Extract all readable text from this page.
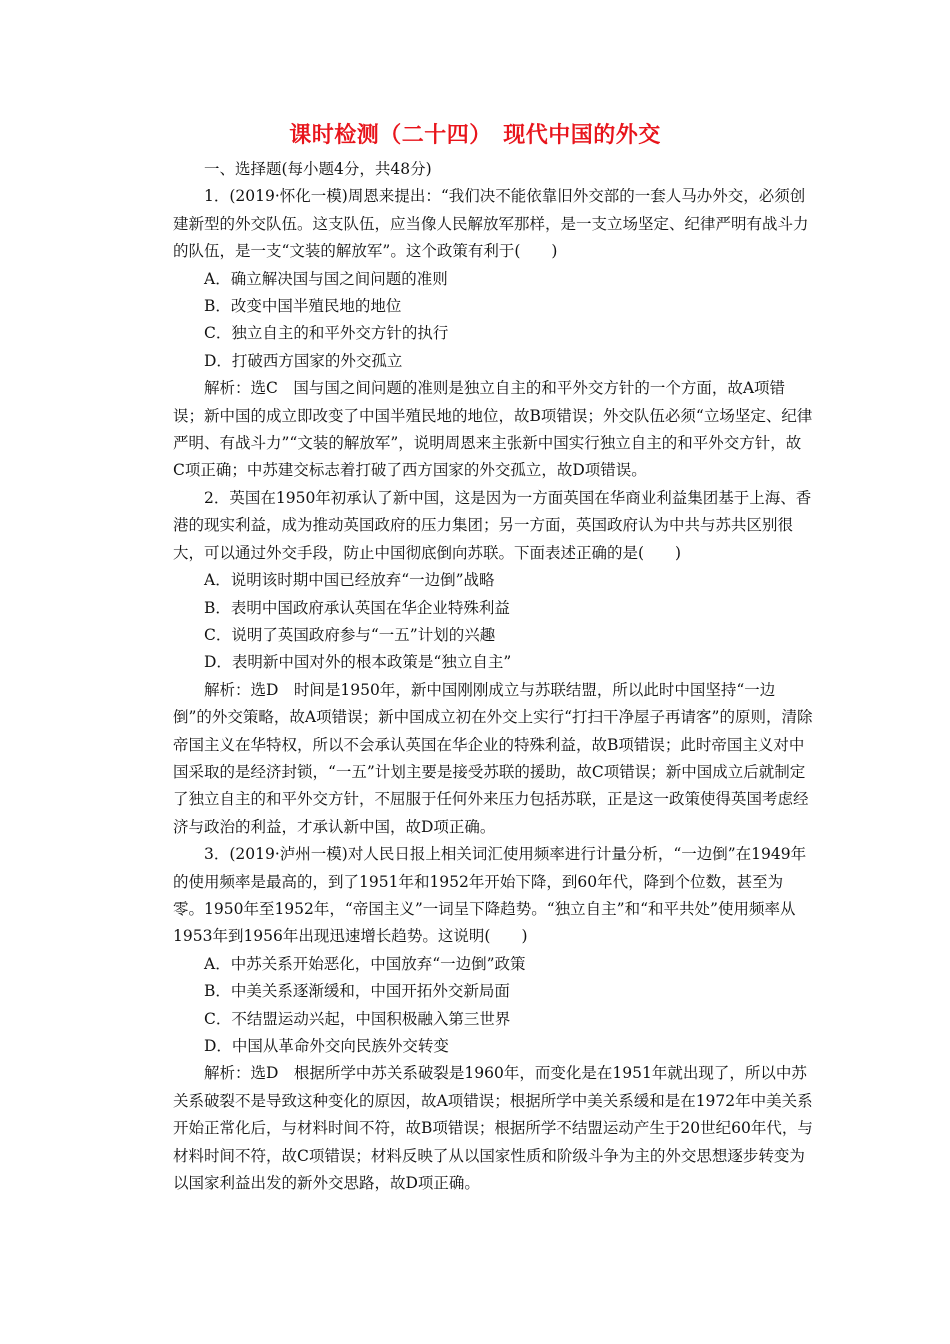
课时检测（二十四）　现代中国的外交

一、选择题(每小题4分，共48分)

1．(2019·怀化一模)周恩来提出：“我们决不能依靠旧外交部的一套人马办外交，必须创建新型的外交队伍。这支队伍，应当像人民解放军那样，是一支立场坚定、纪律严明有战斗力的队伍，是一支“文装的解放军”。这个政策有利于(　　)

A．确立解决国与国之间问题的准则

B．改变中国半殖民地的地位

C．独立自主的和平外交方针的执行

D．打破西方国家的外交孤立

解析：选C　国与国之间问题的准则是独立自主的和平外交方针的一个方面，故A项错误；新中国的成立即改变了中国半殖民地的地位，故B项错误；外交队伍必须“立场坚定、纪律严明、有战斗力”“文装的解放军”，说明周恩来主张新中国实行独立自主的和平外交方针，故C项正确；中苏建交标志着打破了西方国家的外交孤立，故D项错误。

2．英国在1950年初承认了新中国，这是因为一方面英国在华商业利益集团基于上海、香港的现实利益，成为推动英国政府的压力集团；另一方面，英国政府认为中共与苏共区别很大，可以通过外交手段，防止中国彻底倒向苏联。下面表述正确的是(　　)

A．说明该时期中国已经放弃“一边倒”战略

B．表明中国政府承认英国在华企业特殊利益

C．说明了英国政府参与“一五”计划的兴趣

D．表明新中国对外的根本政策是“独立自主”

解析：选D　时间是1950年，新中国刚刚成立与苏联结盟，所以此时中国坚持“一边倒”的外交策略，故A项错误；新中国成立初在外交上实行“打扫干净屋子再请客”的原则，清除帝国主义在华特权，所以不会承认英国在华企业的特殊利益，故B项错误；此时帝国主义对中国采取的是经济封锁，“一五”计划主要是接受苏联的援助，故C项错误；新中国成立后就制定了独立自主的和平外交方针，不屈服于任何外来压力包括苏联，正是这一政策使得英国考虑经济与政治的利益，才承认新中国，故D项正确。

3．(2019·泸州一模)对人民日报上相关词汇使用频率进行计量分析，“一边倒”在1949年的使用频率是最高的，到了1951年和1952年开始下降，到60年代，降到个位数，甚至为零。1950年至1952年，“帝国主义”一词呈下降趋势。“独立自主”和“和平共处”使用频率从1953年到1956年出现迅速增长趋势。这说明(　　)

A．中苏关系开始恶化，中国放弃“一边倒”政策

B．中美关系逐渐缓和，中国开拓外交新局面

C．不结盟运动兴起，中国积极融入第三世界

D．中国从革命外交向民族外交转变

解析：选D　根据所学中苏关系破裂是1960年，而变化是在1951年就出现了，所以中苏关系破裂不是导致这种变化的原因，故A项错误；根据所学中美关系缓和是在1972年中美关系开始正常化后，与材料时间不符，故B项错误；根据所学不结盟运动产生于20世纪60年代，与材料时间不符，故C项错误；材料反映了从以国家性质和阶级斗争为主的外交思想逐步转变为以国家利益出发的新外交思路，故D项正确。
